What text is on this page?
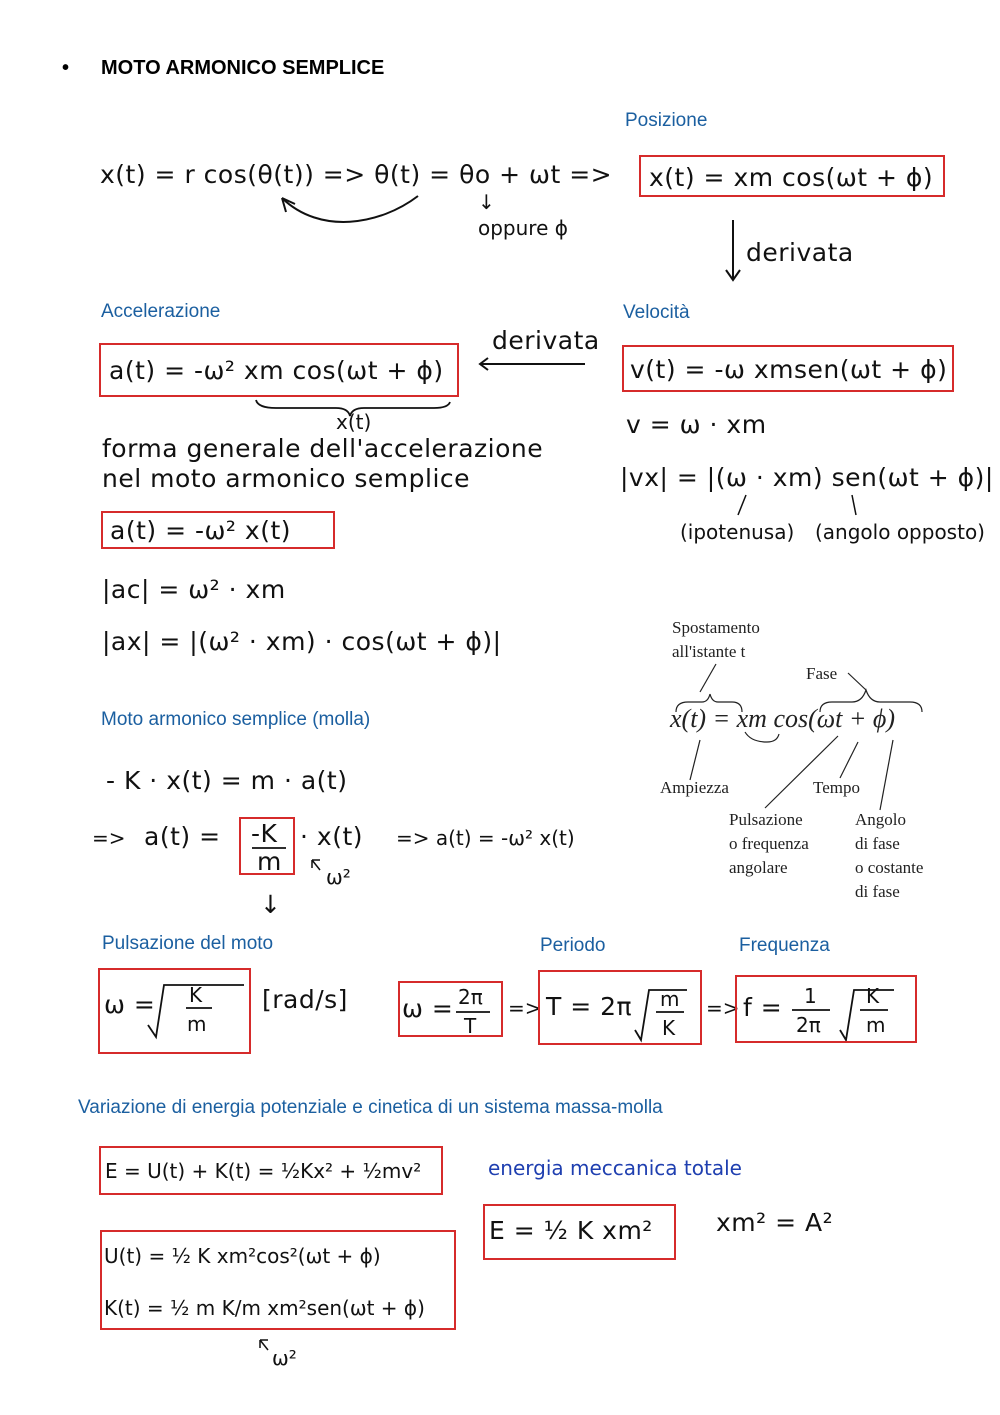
• MOTO ARMONICO SEMPLICE
Posizione
x(t) = r cos(θ(t)) => θ(t) = θo + ωt =>
↓
oppure ϕ
x(t) = xm cos(ωt + ϕ)
derivata
Accelerazione	Velocità
derivata
a(t) = -ω² xm cos(ωt + ϕ)	v(t) = -ω xmsen(ωt + ϕ)
x(t)	v = ω · xm
forma generale dell'accelerazione
nel moto armonico semplice	|vx| = |(ω · xm) sen(ωt + ϕ)|
(ipotenusa) (angolo opposto)
a(t) = -ω² x(t)
|ac| = ω² · xm
|ax| = |(ω² · xm) · cos(ωt + ϕ)|	Spostamento
all'istante t
Fase
x(t) = xm cos(ωt + ϕ)
Ampiezza	Tempo
Pulsazione
o frequenza
angolare
Angolo
di fase
o costante
di fase
Moto armonico semplice (molla)
- K · x(t) = m · a(t)
=> a(t) = -K
m
· x(t) => a(t) = -ω² x(t)
ω²
↓
Pulsazione del moto	Periodo	Frequenza
ω = K
m
[rad/s] ω = 2π
T
=> T = 2π m
K
=> f = 1
2π
K
m
Variazione di energia potenziale e cinetica di un sistema massa-molla
E = U(t) + K(t) = ½Kx² + ½mv²	energia meccanica totale
E = ½ K xm²	xm² = A²
U(t) = ½ K xm²cos²(ωt + ϕ)
K(t) = ½ m K/m xm²sen(ωt + ϕ)
ω²
